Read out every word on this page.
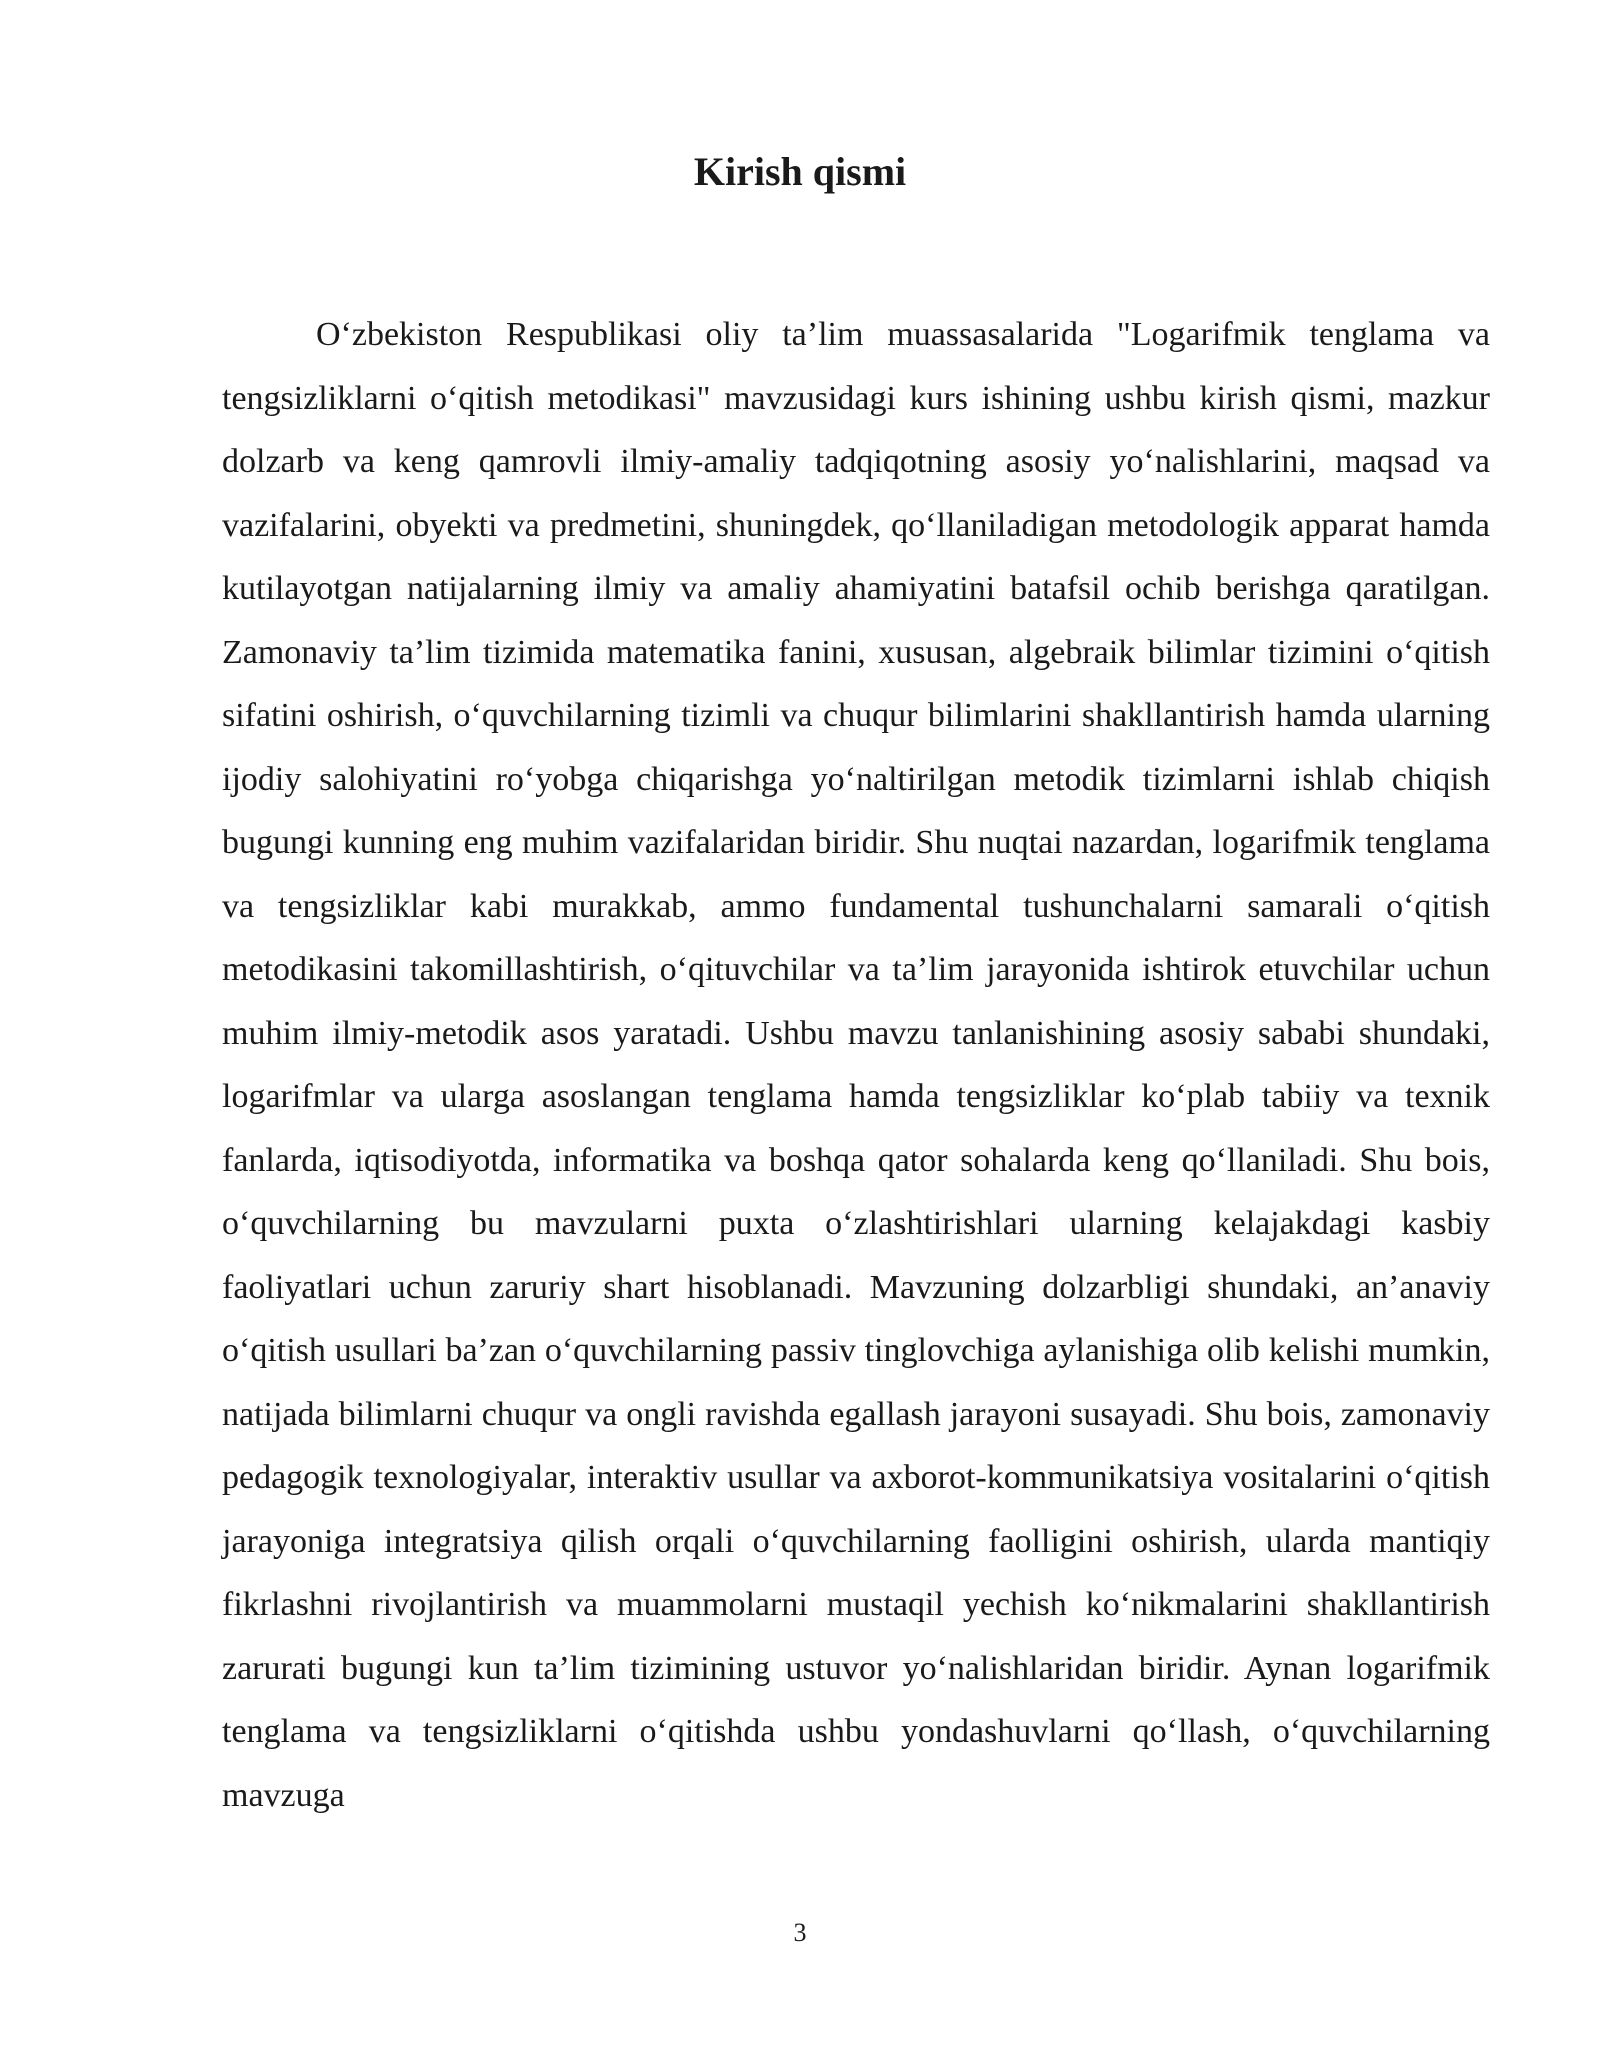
Kirish qismi

O‘zbekiston Respublikasi oliy ta’lim muassasalarida "Logarifmik tenglama va tengsizliklarni o‘qitish metodikasi" mavzusidagi kurs ishining ushbu kirish qismi, mazkur dolzarb va keng qamrovli ilmiy-amaliy tadqiqotning asosiy yo‘nalishlarini, maqsad va vazifalarini, obyekti va predmetini, shuningdek, qo‘llaniladigan metodologik apparat hamda kutilayotgan natijalarning ilmiy va amaliy ahamiyatini batafsil ochib berishga qaratilgan. Zamonaviy ta’lim tizimida matematika fanini, xususan, algebraik bilimlar tizimini o‘qitish sifatini oshirish, o‘quvchilarning tizimli va chuqur bilimlarini shakllantirish hamda ularning ijodiy salohiyatini ro‘yobga chiqarishga yo‘naltirilgan metodik tizimlarni ishlab chiqish bugungi kunning eng muhim vazifalaridan biridir. Shu nuqtai nazardan, logarifmik tenglama va tengsizliklar kabi murakkab, ammo fundamental tushunchalarni samarali o‘qitish metodikasini takomillashtirish, o‘qituvchilar va ta’lim jarayonida ishtirok etuvchilar uchun muhim ilmiy-metodik asos yaratadi. Ushbu mavzu tanlanishining asosiy sababi shundaki, logarifmlar va ularga asoslangan tenglama hamda tengsizliklar ko‘plab tabiiy va texnik fanlarda, iqtisodiyotda, informatika va boshqa qator sohalarda keng qo‘llaniladi. Shu bois, o‘quvchilarning bu mavzularni puxta o‘zlashtirishlari ularning kelajakdagi kasbiy faoliyatlari uchun zaruriy shart hisoblanadi. Mavzuning dolzarbligi shundaki, an’anaviy o‘qitish usullari ba’zan o‘quvchilarning passiv tinglovchiga aylanishiga olib kelishi mumkin, natijada bilimlarni chuqur va ongli ravishda egallash jarayoni susayadi. Shu bois, zamonaviy pedagogik texnologiyalar, interaktiv usullar va axborot-kommunikatsiya vositalarini o‘qitish jarayoniga integratsiya qilish orqali o‘quvchilarning faolligini oshirish, ularda mantiqiy fikrlashni rivojlantirish va muammolarni mustaqil yechish ko‘nikmalarini shakllantirish zarurati bugungi kun ta’lim tizimining ustuvor yo‘nalishlaridan biridir. Aynan logarifmik tenglama va tengsizliklarni o‘qitishda ushbu yondashuvlarni qo‘llash, o‘quvchilarning mavzuga

3
